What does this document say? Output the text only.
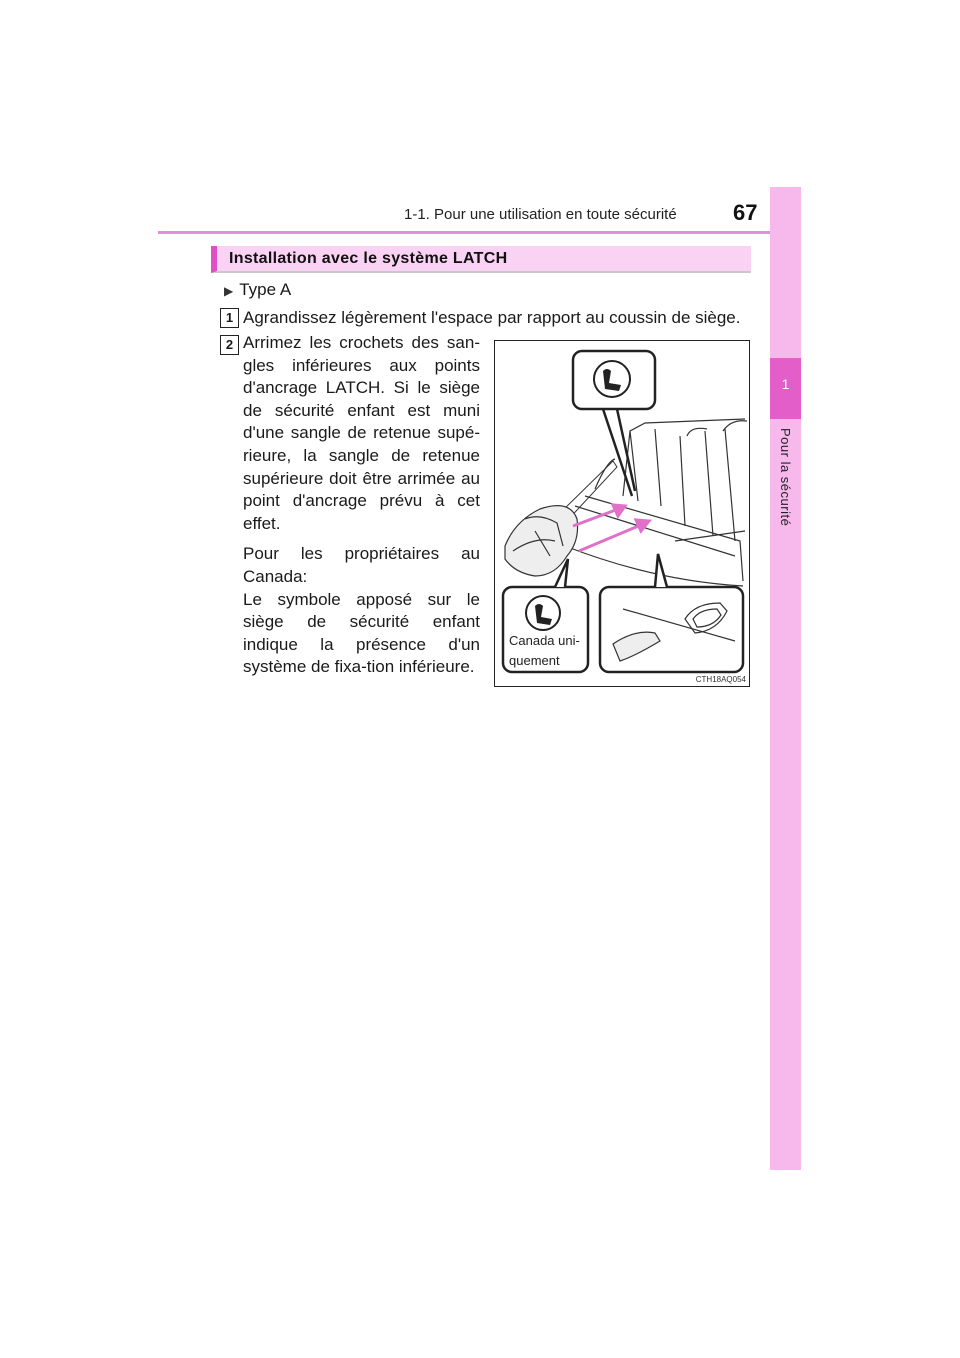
1-1. Pour une utilisation en toute sécurité	67
1
Pour la sécurité
Installation avec le système LATCH
▶ Type A
1 Agrandissez légèrement l'espace par rapport au coussin de siège.
2 Arrimez les crochets des san-gles inférieures aux points d'ancrage LATCH. Si le siège de sécurité enfant est muni d'une sangle de retenue supé-rieure, la sangle de retenue supérieure doit être arrimée au point d'ancrage prévu à cet effet.

Pour les propriétaires au Canada:
Le symbole apposé sur le siège de sécurité enfant indique la présence d'un système de fixa-tion inférieure.

Canada uni-
quement
CTH18AQ054
